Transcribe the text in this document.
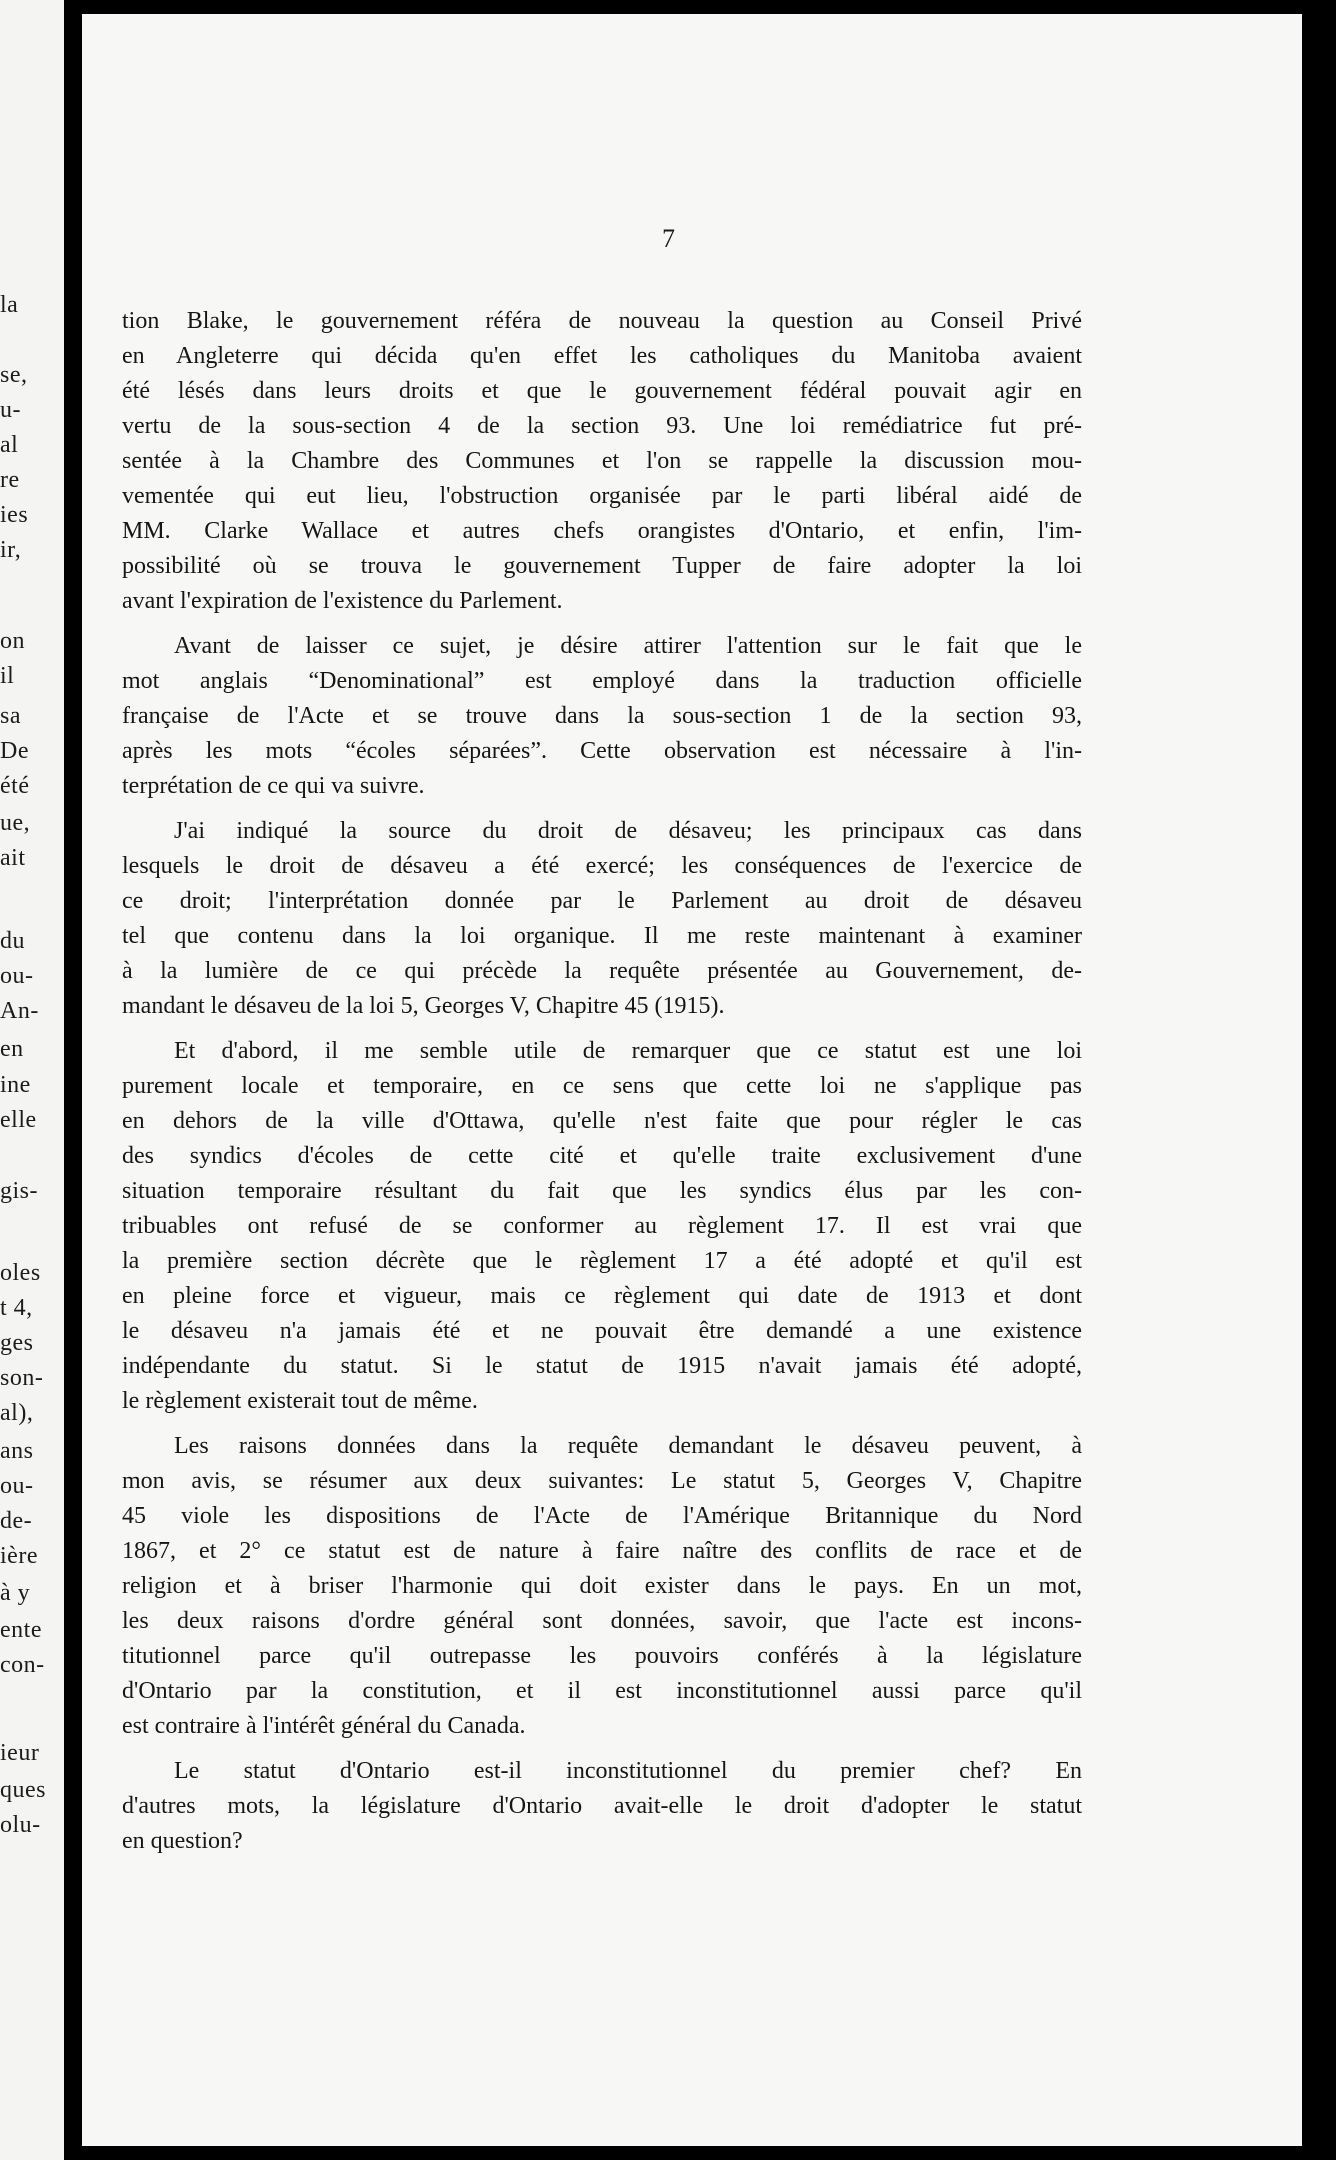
la
se,
u-
al
re
ies
ir,
on
il
sa
De
été
ue,
ait
du
ou-
An-
en
ine
elle
gis-
oles
t 4,
ges
son-
al),
ans
ou-
de-
ière
à y
ente
con-
ieur
ques
olu-
7
tion Blake, le gouvernement référa de nouveau la question au Conseil Privé
en Angleterre qui décida qu'en effet les catholiques du Manitoba avaient
été lésés dans leurs droits et que le gouvernement fédéral pouvait agir en
vertu de la sous-section 4 de la section 93. Une loi remédiatrice fut pré-
sentée à la Chambre des Communes et l'on se rappelle la discussion mou-
vementée qui eut lieu, l'obstruction organisée par le parti libéral aidé de
MM. Clarke Wallace et autres chefs orangistes d'Ontario, et enfin, l'im-
possibilité où se trouva le gouvernement Tupper de faire adopter la loi
avant l'expiration de l'existence du Parlement.
Avant de laisser ce sujet, je désire attirer l'attention sur le fait que le
mot anglais “Denominational” est employé dans la traduction officielle
française de l'Acte et se trouve dans la sous-section 1 de la section 93,
après les mots “écoles séparées”. Cette observation est nécessaire à l'in-
terprétation de ce qui va suivre.
J'ai indiqué la source du droit de désaveu; les principaux cas dans
lesquels le droit de désaveu a été exercé; les conséquences de l'exercice de
ce droit; l'interprétation donnée par le Parlement au droit de désaveu
tel que contenu dans la loi organique. Il me reste maintenant à examiner
à la lumière de ce qui précède la requête présentée au Gouvernement, de-
mandant le désaveu de la loi 5, Georges V, Chapitre 45 (1915).
Et d'abord, il me semble utile de remarquer que ce statut est une loi
purement locale et temporaire, en ce sens que cette loi ne s'applique pas
en dehors de la ville d'Ottawa, qu'elle n'est faite que pour régler le cas
des syndics d'écoles de cette cité et qu'elle traite exclusivement d'une
situation temporaire résultant du fait que les syndics élus par les con-
tribuables ont refusé de se conformer au règlement 17. Il est vrai que
la première section décrète que le règlement 17 a été adopté et qu'il est
en pleine force et vigueur, mais ce règlement qui date de 1913 et dont
le désaveu n'a jamais été et ne pouvait être demandé a une existence
indépendante du statut. Si le statut de 1915 n'avait jamais été adopté,
le règlement existerait tout de même.
Les raisons données dans la requête demandant le désaveu peuvent, à
mon avis, se résumer aux deux suivantes: Le statut 5, Georges V, Chapitre
45 viole les dispositions de l'Acte de l'Amérique Britannique du Nord
1867, et 2° ce statut est de nature à faire naître des conflits de race et de
religion et à briser l'harmonie qui doit exister dans le pays. En un mot,
les deux raisons d'ordre général sont données, savoir, que l'acte est incons-
titutionnel parce qu'il outrepasse les pouvoirs conférés à la législature
d'Ontario par la constitution, et il est inconstitutionnel aussi parce qu'il
est contraire à l'intérêt général du Canada.
Le statut d'Ontario est-il inconstitutionnel du premier chef? En
d'autres mots, la législature d'Ontario avait-elle le droit d'adopter le statut
en question?
